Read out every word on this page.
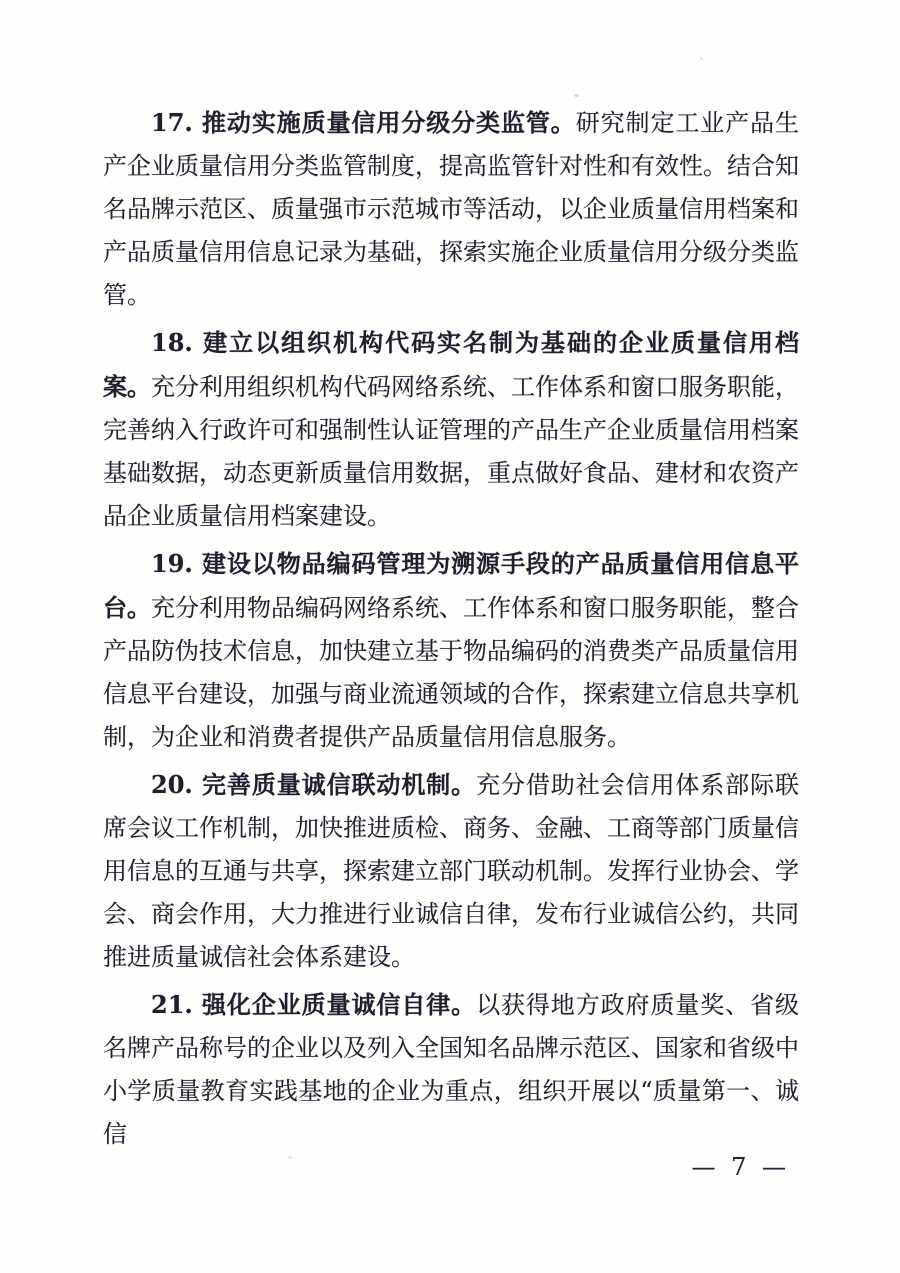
17. 推动实施质量信用分级分类监管。研究制定工业产品生产企业质量信用分类监管制度，提高监管针对性和有效性。结合知名品牌示范区、质量强市示范城市等活动，以企业质量信用档案和产品质量信用信息记录为基础，探索实施企业质量信用分级分类监管。

18. 建立以组织机构代码实名制为基础的企业质量信用档案。充分利用组织机构代码网络系统、工作体系和窗口服务职能，完善纳入行政许可和强制性认证管理的产品生产企业质量信用档案基础数据，动态更新质量信用数据，重点做好食品、建材和农资产品企业质量信用档案建设。

19. 建设以物品编码管理为溯源手段的产品质量信用信息平台。充分利用物品编码网络系统、工作体系和窗口服务职能，整合产品防伪技术信息，加快建立基于物品编码的消费类产品质量信用信息平台建设，加强与商业流通领域的合作，探索建立信息共享机制，为企业和消费者提供产品质量信用信息服务。

20. 完善质量诚信联动机制。充分借助社会信用体系部际联席会议工作机制，加快推进质检、商务、金融、工商等部门质量信用信息的互通与共享，探索建立部门联动机制。发挥行业协会、学会、商会作用，大力推进行业诚信自律，发布行业诚信公约，共同推进质量诚信社会体系建设。

21. 强化企业质量诚信自律。以获得地方政府质量奖、省级名牌产品称号的企业以及列入全国知名品牌示范区、国家和省级中小学质量教育实践基地的企业为重点，组织开展以“质量第一、诚信

— 7 —
